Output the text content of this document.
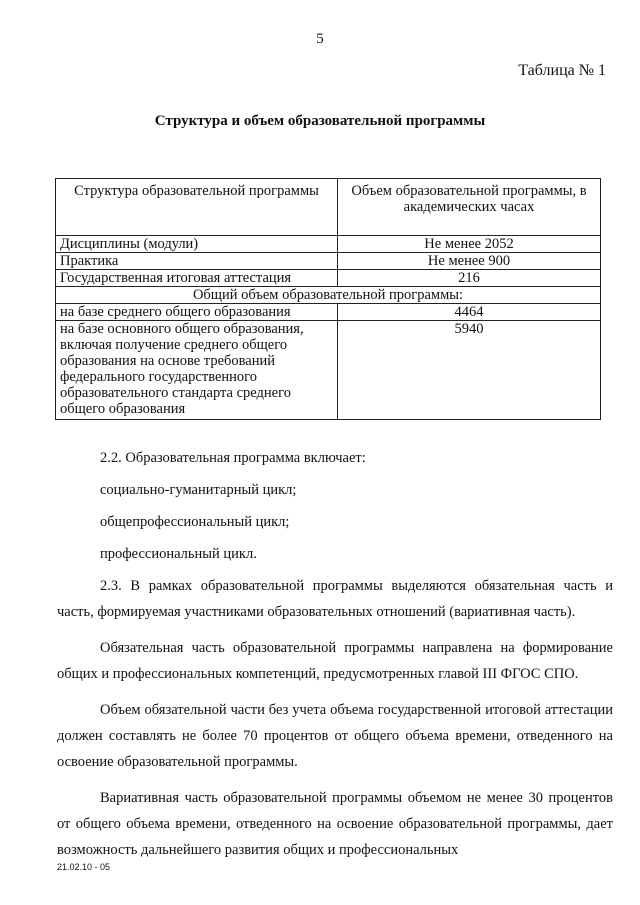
5
Таблица № 1
Структура и объем образовательной программы
Структура образовательной программы	Объем образовательной программы, в академических часах
Дисциплины (модули)	Не менее 2052
Практика	Не менее 900
Государственная итоговая аттестация	216
Общий объем образовательной программы:	
на базе среднего общего образования	4464
на базе основного общего образования, включая получение среднего общего образования на основе требований федерального государственного образовательного стандарта среднего общего образования	5940

2.2. Образовательная программа включает:

социально-гуманитарный цикл;

общепрофессиональный цикл;

профессиональный цикл.

2.3. В рамках образовательной программы выделяются обязательная часть и часть, формируемая участниками образовательных отношений (вариативная часть).

Обязательная часть образовательной программы направлена на формирование общих и профессиональных компетенций, предусмотренных главой III ФГОС СПО.

Объем обязательной части без учета объема государственной итоговой аттестации должен составлять не более 70 процентов от общего объема времени, отведенного на освоение образовательной программы.

Вариативная часть образовательной программы объемом не менее 30 процентов от общего объема времени, отведенного на освоение образовательной программы, дает возможность дальнейшего развития общих и профессиональных

21.02.10 - 05
